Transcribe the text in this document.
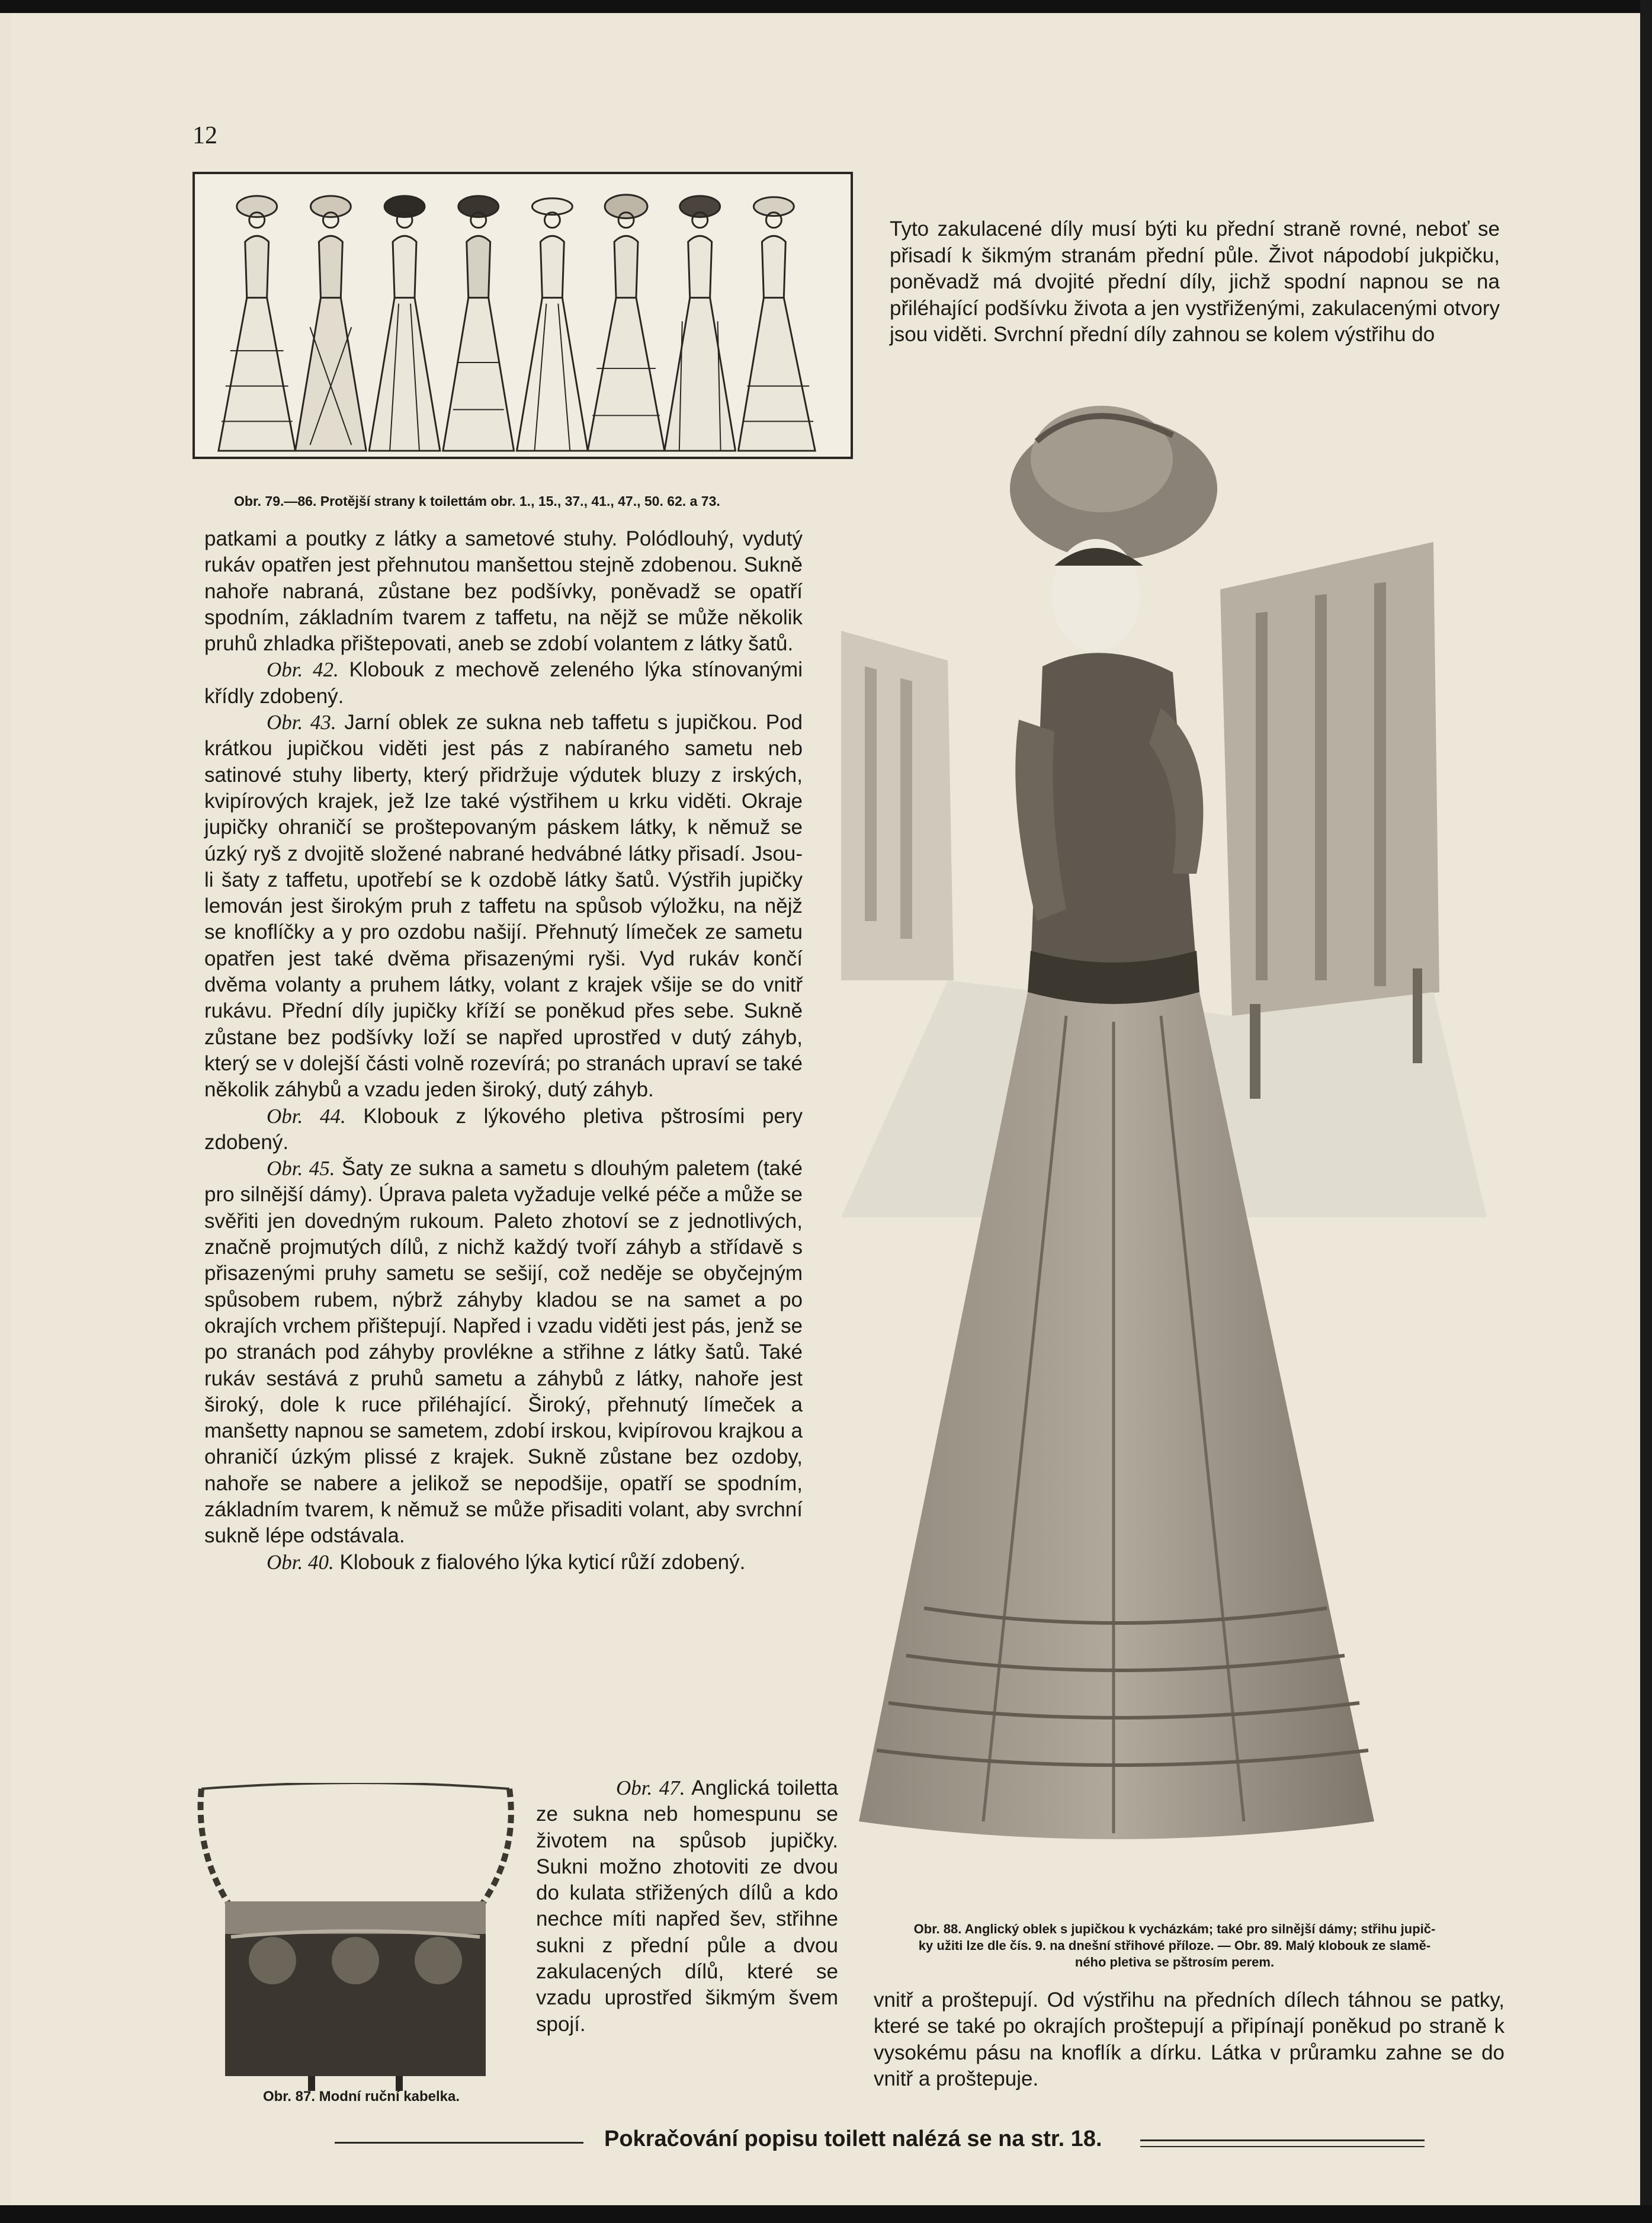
12
Obr. 79.—86. Protější strany k toilettám obr. 1., 15., 37., 41., 47., 50. 62. a 73.

Tyto zakulacené díly musí býti ku přední straně rovné, neboť se přisadí k šikmým stranám přední půle. Život nápodobí jukpičku, poněvadž má dvojité přední díly, jichž spodní napnou se na přiléhající podšívku života a jen vystřiženými, zakulacenými otvory jsou viděti. Svrchní přední díly zahnou se kolem výstřihu do

Obr. 88. Anglický oblek s jupičkou k vycházkám; také pro silnější dámy; střihu jupič-
ky užiti lze dle čís. 9. na dnešní střihové příloze. — Obr. 89. Malý klobouk ze slamě-
ného pletiva se pštrosím perem.

patkami a poutky z látky a sametové stuhy. Polódlouhý, vydutý rukáv opatřen jest přehnutou manšettou stejně zdobenou. Sukně nahoře nabraná, zůstane bez podšívky, poněvadž se opatří spodním, základním tvarem z taffetu, na nějž se může několik pruhů zhladka přištepovati, aneb se zdobí volantem z látky šatů.

Obr. 42. Klobouk z mechově zeleného lýka stínovanými křídly zdobený.

Obr. 43. Jarní oblek ze sukna neb taffetu s jupičkou. Pod krátkou jupičkou viděti jest pás z nabíraného sametu neb satinové stuhy liberty, který přidržuje výdutek bluzy z irských, kvipírových krajek, jež lze také výstřihem u krku viděti. Okraje jupičky ohraničí se proštepovaným páskem látky, k němuž se úzký ryš z dvojitě složené nabrané hedvábné látky přisadí. Jsou-li šaty z taffetu, upotřebí se k ozdobě látky šatů. Výstřih jupičky lemován jest širokým pruh z taffetu na spůsob výložku, na nějž se knoflíčky a y pro ozdobu našijí. Přehnutý límeček ze sametu opatřen jest také dvěma přisazenými ryši. Vyd rukáv končí dvěma volanty a pruhem látky, volant z krajek všije se do vnitř rukávu. Přední díly jupičky kříží se poněkud přes sebe. Sukně zůstane bez podšívky loží se napřed uprostřed v dutý záhyb, který se v dolejší části volně rozevírá; po stranách upraví se také několik záhybů a vzadu jeden široký, dutý záhyb.

Obr. 44. Klobouk z lýkového pletiva pštrosími pery zdobený.

Obr. 45. Šaty ze sukna a sametu s dlouhým paletem (také pro silnější dámy). Úprava paleta vyžaduje velké péče a může se svěřiti jen dovedným rukoum. Paleto zhotoví se z jednotlivých, značně projmutých dílů, z nichž každý tvoří záhyb a střídavě s přisazenými pruhy sametu se sešijí, což neděje se obyčejným spůsobem rubem, nýbrž záhyby kladou se na samet a po okrajích vrchem přištepují. Napřed i vzadu viděti jest pás, jenž se po stranách pod záhyby provlékne a střihne z látky šatů. Také rukáv sestává z pruhů sametu a záhybů z látky, nahoře jest široký, dole k ruce přiléhající. Široký, přehnutý límeček a manšetty napnou se sametem, zdobí irskou, kvipírovou krajkou a ohraničí úzkým plissé z krajek. Sukně zůstane bez ozdoby, nahoře se nabere a jelikož se nepodšije, opatří se spodním, základním tvarem, k němuž se může přisaditi volant, aby svrchní sukně lépe odstávala.

Obr. 40. Klobouk z fialového lýka kyticí růží zdobený.

Obr. 87. Modní ruční kabelka.

Obr. 47. Anglická toiletta ze sukna neb homespunu se životem na spůsob jupičky. Sukni možno zhotoviti ze dvou do kulata střižených dílů a kdo nechce míti napřed šev, střihne sukni z přední půle a dvou zakulacených dílů, které se vzadu uprostřed šikmým švem spojí.

vnitř a proštepují. Od výstřihu na předních dílech táhnou se patky, které se také po okrajích proštepují a připínají poněkud po straně k vysokému pásu na knoflík a dírku. Látka v průramku zahne se do vnitř a proštepuje.

Pokračování popisu toilett nalézá se na str. 18.
